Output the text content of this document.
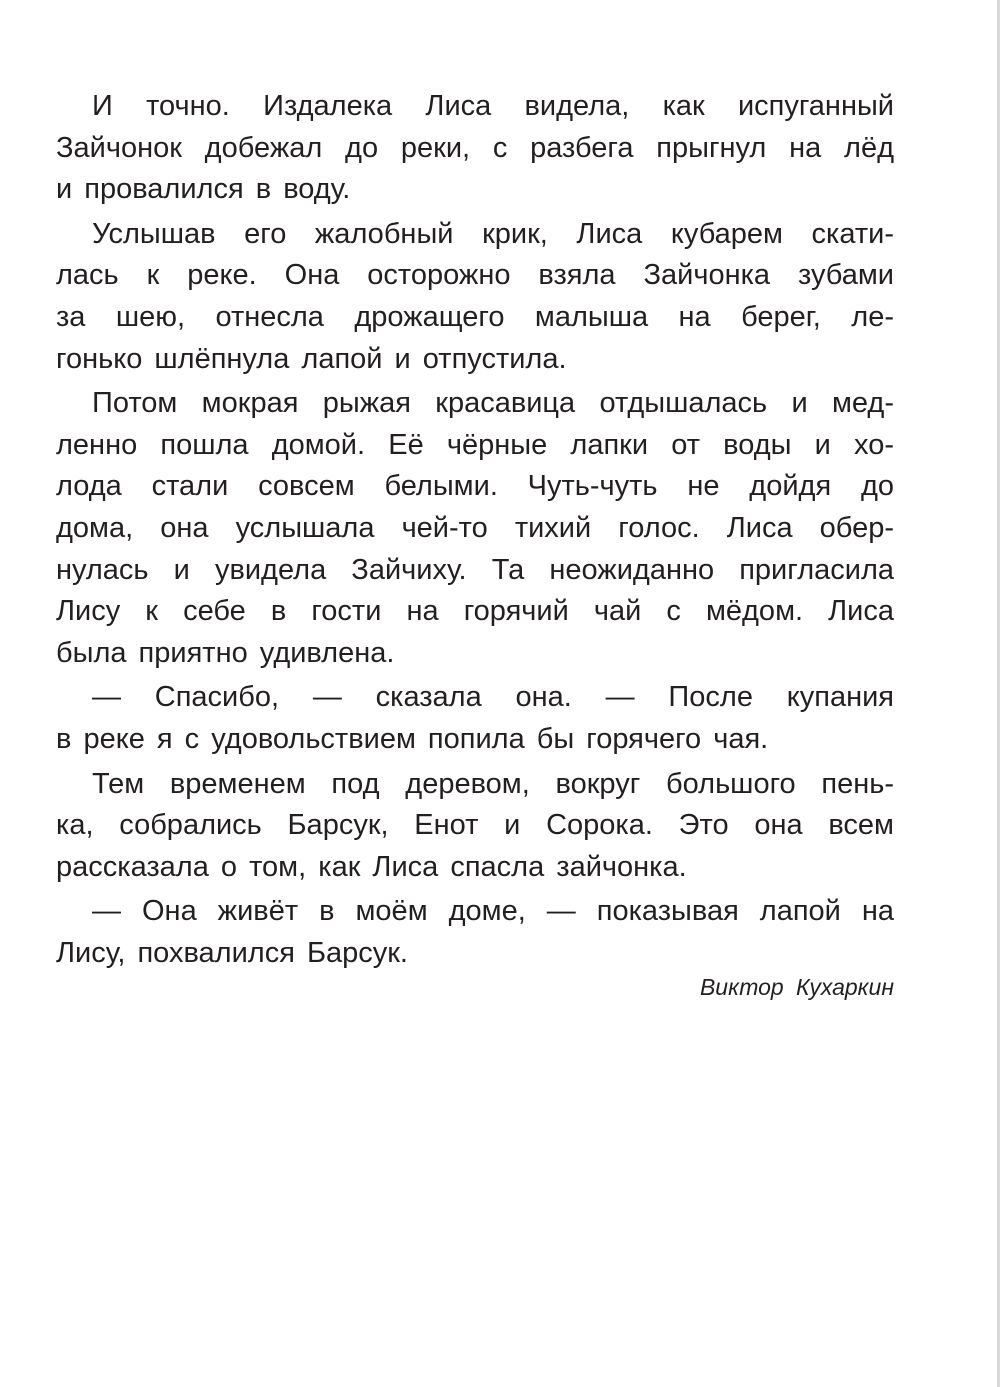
И точно. Издалека Лиса видела, как испуганный
Зайчонок добежал до реки, с разбега прыгнул на лёд
и провалился в воду.

Услышав его жалобный крик, Лиса кубарем скати-
лась к реке. Она осторожно взяла Зайчонка зубами
за шею, отнесла дрожащего малыша на берег, ле-
гонько шлёпнула лапой и отпустила.

Потом мокрая рыжая красавица отдышалась и мед-
ленно пошла домой. Её чёрные лапки от воды и хо-
лода стали совсем белыми. Чуть-чуть не дойдя до
дома, она услышала чей-то тихий голос. Лиса обер-
нулась и увидела Зайчиху. Та неожиданно пригласила
Лису к себе в гости на горячий чай с мёдом. Лиса
была приятно удивлена.

— Спасибо, — сказала она. — После купания
в реке я с удовольствием попила бы горячего чая.

Тем временем под деревом, вокруг большого пень-
ка, собрались Барсук, Енот и Сорока. Это она всем
рассказала о том, как Лиса спасла зайчонка.

— Она живёт в моём доме, — показывая лапой на
Лису, похвалился Барсук.

Виктор Кухаркин
